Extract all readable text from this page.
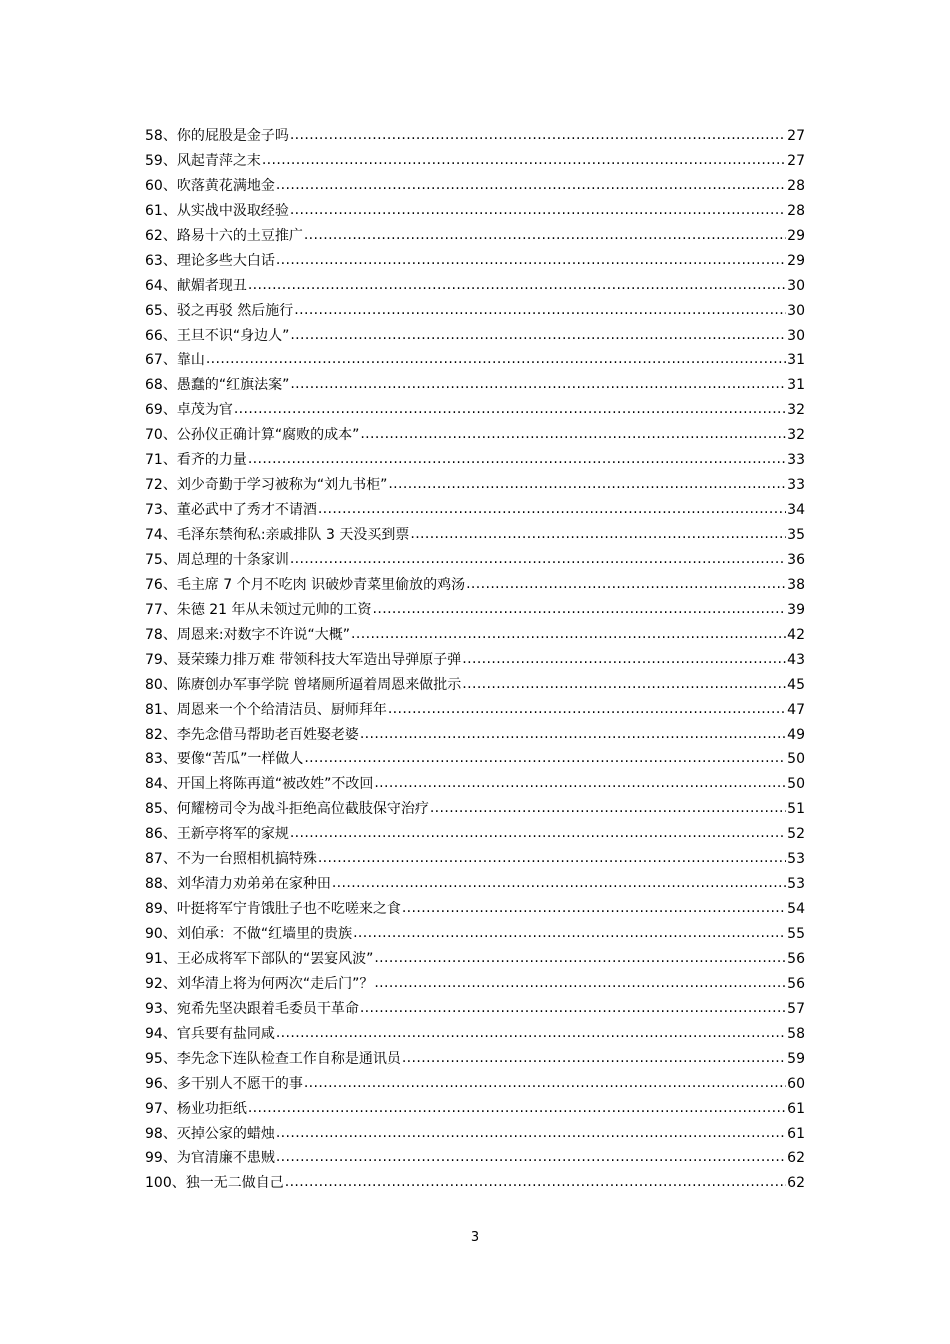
58、你的屁股是金子吗 .....	27
59、风起青萍之末 .....	27
60、吹落黄花满地金 .....	28
61、从实战中汲取经验 .....	28
62、路易十六的土豆推广 .....	29
63、理论多些大白话 .....	29
64、献媚者现丑 .....	30
65、驳之再驳 然后施行 .....	30
66、王旦不识“身边人” .....	30
67、靠山 .....	31
68、愚蠢的“红旗法案” .....	31
69、卓茂为官 .....	32
70、公孙仪正确计算“腐败的成本” .....	32
71、看齐的力量 .....	33
72、刘少奇勤于学习被称为“刘九书柜” .....	33
73、董必武中了秀才不请酒 .....	34
74、毛泽东禁徇私:亲戚排队 3 天没买到票 .....	35
75、周总理的十条家训 .....	36
76、毛主席 7 个月不吃肉 识破炒青菜里偷放的鸡汤 .....	38
77、朱德 21 年从未领过元帅的工资 .....	39
78、周恩来:对数字不许说“大概” .....	42
79、聂荣臻力排万难 带领科技大军造出导弹原子弹 .....	43
80、陈赓创办军事学院 曾堵厕所逼着周恩来做批示 .....	45
81、周恩来一个个给清洁员、厨师拜年 .....	47
82、李先念借马帮助老百姓娶老婆 .....	49
83、要像“苦瓜”一样做人 .....	50
84、开国上将陈再道“被改姓”不改回 .....	50
85、何耀榜司令为战斗拒绝高位截肢保守治疗 .....	51
86、王新亭将军的家规 .....	52
87、不为一台照相机搞特殊 .....	53
88、刘华清力劝弟弟在家种田 .....	53
89、叶挺将军宁肯饿肚子也不吃嗟来之食 .....	54
90、刘伯承：不做“红墙里的贵族 .....	55
91、王必成将军下部队的“罢宴风波” .....	56
92、刘华清上将为何两次“走后门”？ .....	56
93、宛希先坚决跟着毛委员干革命 .....	57
94、官兵要有盐同咸 .....	58
95、李先念下连队检查工作自称是通讯员 .....	59
96、多干别人不愿干的事 .....	60
97、杨业功拒纸 .....	61
98、灭掉公家的蜡烛 .....	61
99、为官清廉不患贼 .....	62
100、独一无二做自己 .....	62
3
